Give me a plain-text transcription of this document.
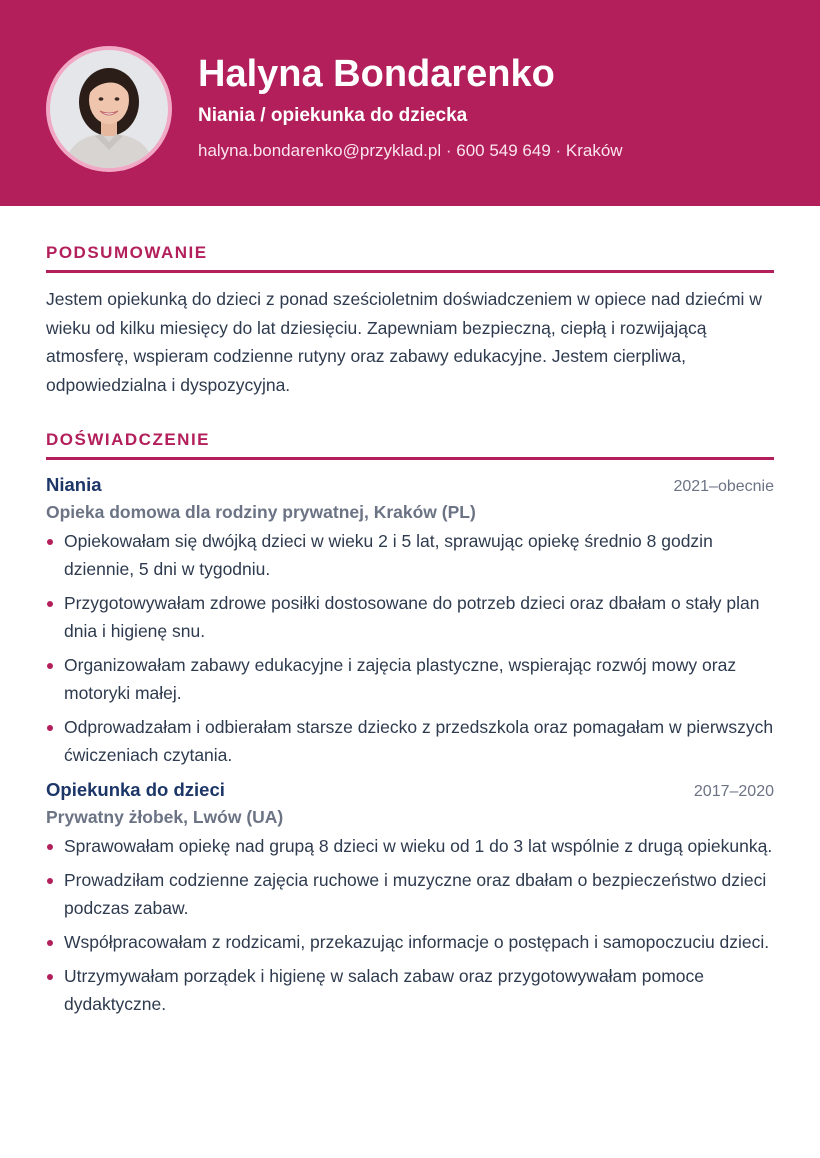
Halyna Bondarenko
Niania / opiekunka do dziecka
halyna.bondarenko@przyklad.pl · 600 549 649 · Kraków
PODSUMOWANIE

Jestem opiekunką do dzieci z ponad sześcioletnim doświadczeniem w opiece nad dziećmi w wieku od kilku miesięcy do lat dziesięciu. Zapewniam bezpieczną, ciepłą i rozwijającą atmosferę, wspieram codzienne rutyny oraz zabawy edukacyjne. Jestem cierpliwa, odpowiedzialna i dyspozycyjna.

DOŚWIADCZENIE
Niania	2021–obecnie
Opieka domowa dla rodziny prywatnej, Kraków (PL)
Opiekowałam się dwójką dzieci w wieku 2 i 5 lat, sprawując opiekę średnio 8 godzin dziennie, 5 dni w tygodniu.
Przygotowywałam zdrowe posiłki dostosowane do potrzeb dzieci oraz dbałam o stały plan dnia i higienę snu.
Organizowałam zabawy edukacyjne i zajęcia plastyczne, wspierając rozwój mowy oraz motoryki małej.
Odprowadzałam i odbierałam starsze dziecko z przedszkola oraz pomagałam w pierwszych ćwiczeniach czytania.
Opiekunka do dzieci	2017–2020
Prywatny żłobek, Lwów (UA)
Sprawowałam opiekę nad grupą 8 dzieci w wieku od 1 do 3 lat wspólnie z drugą opiekunką.
Prowadziłam codzienne zajęcia ruchowe i muzyczne oraz dbałam o bezpieczeństwo dzieci podczas zabaw.
Współpracowałam z rodzicami, przekazując informacje o postępach i samopoczuciu dzieci.
Utrzymywałam porządek i higienę w salach zabaw oraz przygotowywałam pomoce dydaktyczne.
